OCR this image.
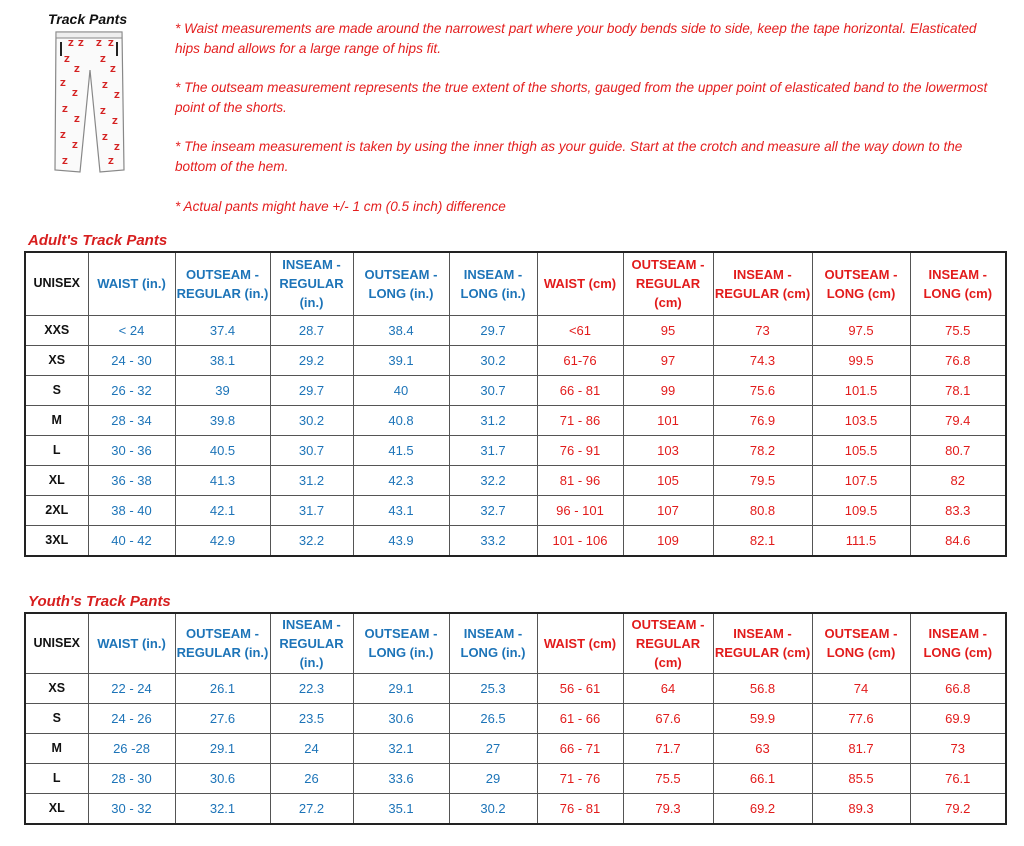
Track Pants
Z Z Z Z
Z
Z
Z
Z
Z
Z
Z
Z
Z
Z
Z
Z
Z
Z
Z
Z
Z	Z

* Waist measurements are made around the narrowest part where your body bends side to side, keep the tape horizontal. Elasticated hips band allows for a large range of hips fit.

* The outseam measurement represents the true extent of the shorts, gauged from the upper point of elasticated band to the lowermost point of the shorts.

* The inseam measurement is taken by using the inner thigh as your guide. Start at the crotch and measure all the way down to the bottom of the hem.

* Actual pants might have +/- 1 cm (0.5 inch) difference

Adult's Track Pants
UNISEX	WAIST (in.)	OUTSEAM - REGULAR (in.)	INSEAM - REGULAR (in.)	OUTSEAM - LONG (in.)	INSEAM - LONG (in.)	WAIST (cm)	OUTSEAM - REGULAR (cm)	INSEAM - REGULAR (cm)	OUTSEAM - LONG (cm)	INSEAM - LONG (cm)
XXS	< 24	37.4	28.7	38.4	29.7	<61	95	73	97.5	75.5
XS	24 - 30	38.1	29.2	39.1	30.2	61-76	97	74.3	99.5	76.8
S	26 - 32	39	29.7	40	30.7	66 - 81	99	75.6	101.5	78.1
M	28 - 34	39.8	30.2	40.8	31.2	71 - 86	101	76.9	103.5	79.4
L	30 - 36	40.5	30.7	41.5	31.7	76 - 91	103	78.2	105.5	80.7
XL	36 - 38	41.3	31.2	42.3	32.2	81 - 96	105	79.5	107.5	82
2XL	38 - 40	42.1	31.7	43.1	32.7	96 - 101	107	80.8	109.5	83.3
3XL	40 - 42	42.9	32.2	43.9	33.2	101 - 106	109	82.1	111.5	84.6
Youth's Track Pants
UNISEX	WAIST (in.)	OUTSEAM - REGULAR (in.)	INSEAM - REGULAR (in.)	OUTSEAM - LONG (in.)	INSEAM - LONG (in.)	WAIST (cm)	OUTSEAM - REGULAR (cm)	INSEAM - REGULAR (cm)	OUTSEAM - LONG (cm)	INSEAM - LONG (cm)
XS	22 - 24	26.1	22.3	29.1	25.3	56 - 61	64	56.8	74	66.8
S	24 - 26	27.6	23.5	30.6	26.5	61 - 66	67.6	59.9	77.6	69.9
M	26 -28	29.1	24	32.1	27	66 - 71	71.7	63	81.7	73
L	28 - 30	30.6	26	33.6	29	71 - 76	75.5	66.1	85.5	76.1
XL	30 - 32	32.1	27.2	35.1	30.2	76 - 81	79.3	69.2	89.3	79.2
